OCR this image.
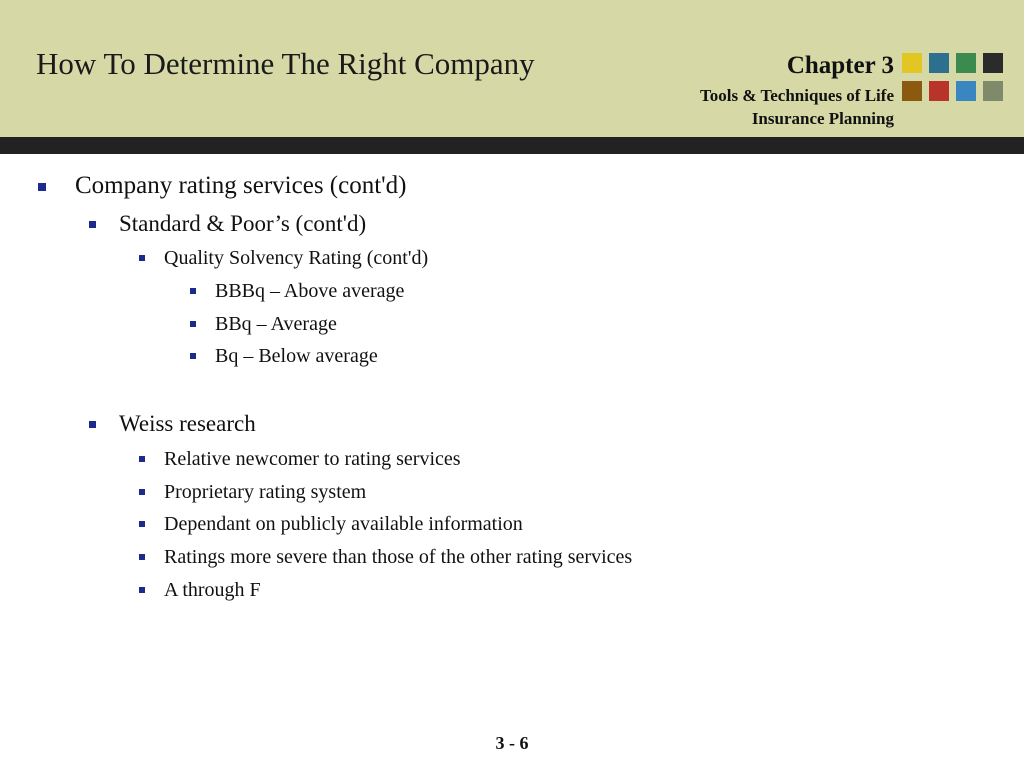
How To Determine The Right Company	Chapter 3
Tools & Techniques of Life
Insurance Planning
Company rating services (cont'd)
Standard & Poor’s (cont'd)
Quality Solvency Rating (cont'd)
BBBq – Above average
BBq – Average
Bq – Below average
Weiss research
Relative newcomer to rating services
Proprietary rating system
Dependant on publicly available information
Ratings more severe than those of the other rating services
A through F
3 - 6
